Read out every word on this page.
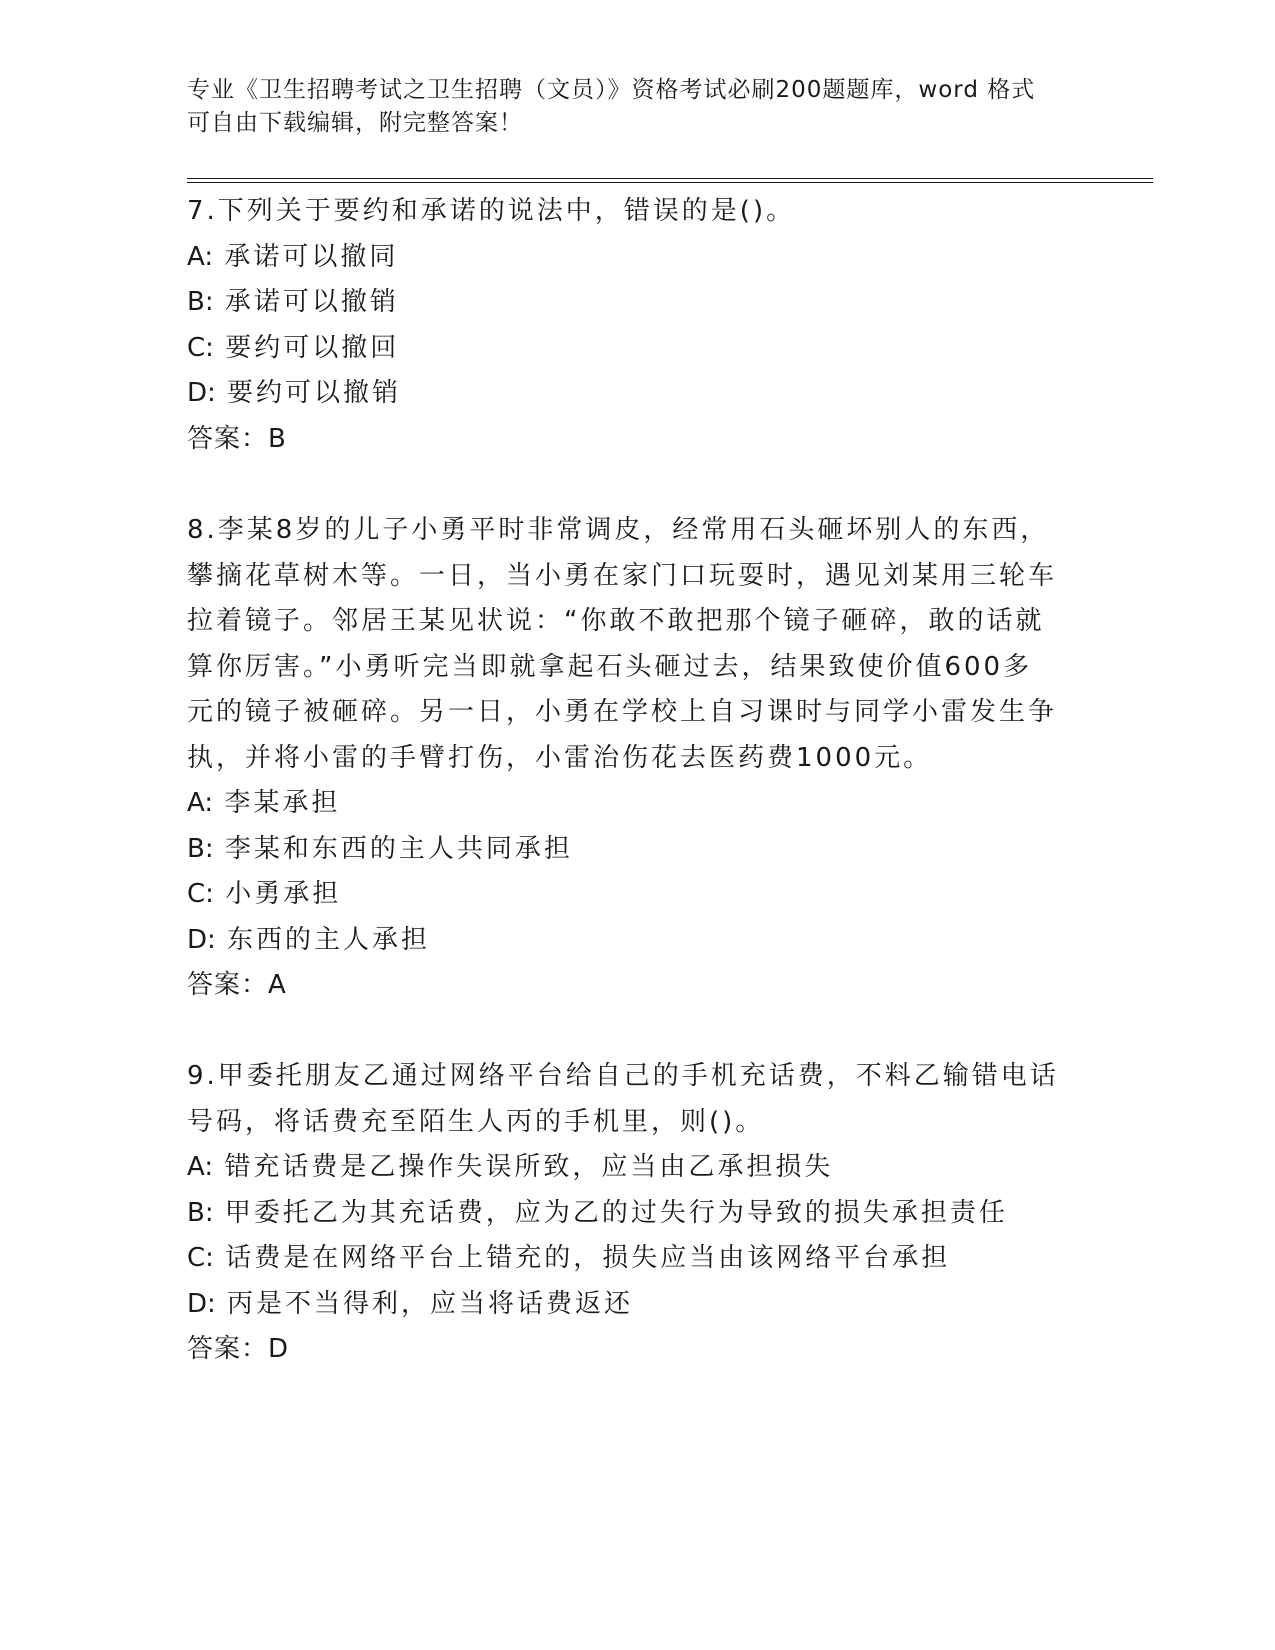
专业《卫生招聘考试之卫生招聘（文员）》资格考试必刷200题题库，word 格式
可自由下载编辑，附完整答案！

7.下列关于要约和承诺的说法中，错误的是()。

A: 承诺可以撤同

B: 承诺可以撤销

C: 要约可以撤回

D: 要约可以撤销

答案：B

8.李某8岁的儿子小勇平时非常调皮，经常用石头砸坏别人的东西，

攀摘花草树木等。一日，当小勇在家门口玩耍时，遇见刘某用三轮车

拉着镜子。邻居王某见状说：“你敢不敢把那个镜子砸碎，敢的话就

算你厉害。”小勇听完当即就拿起石头砸过去，结果致使价值600多

元的镜子被砸碎。另一日，小勇在学校上自习课时与同学小雷发生争

执，并将小雷的手臂打伤，小雷治伤花去医药费1000元。

A: 李某承担

B: 李某和东西的主人共同承担

C: 小勇承担

D: 东西的主人承担

答案：A

9.甲委托朋友乙通过网络平台给自己的手机充话费，不料乙输错电话

号码，将话费充至陌生人丙的手机里，则()。

A: 错充话费是乙操作失误所致，应当由乙承担损失

B: 甲委托乙为其充话费，应为乙的过失行为导致的损失承担责任

C: 话费是在网络平台上错充的，损失应当由该网络平台承担

D: 丙是不当得利，应当将话费返还

答案：D
